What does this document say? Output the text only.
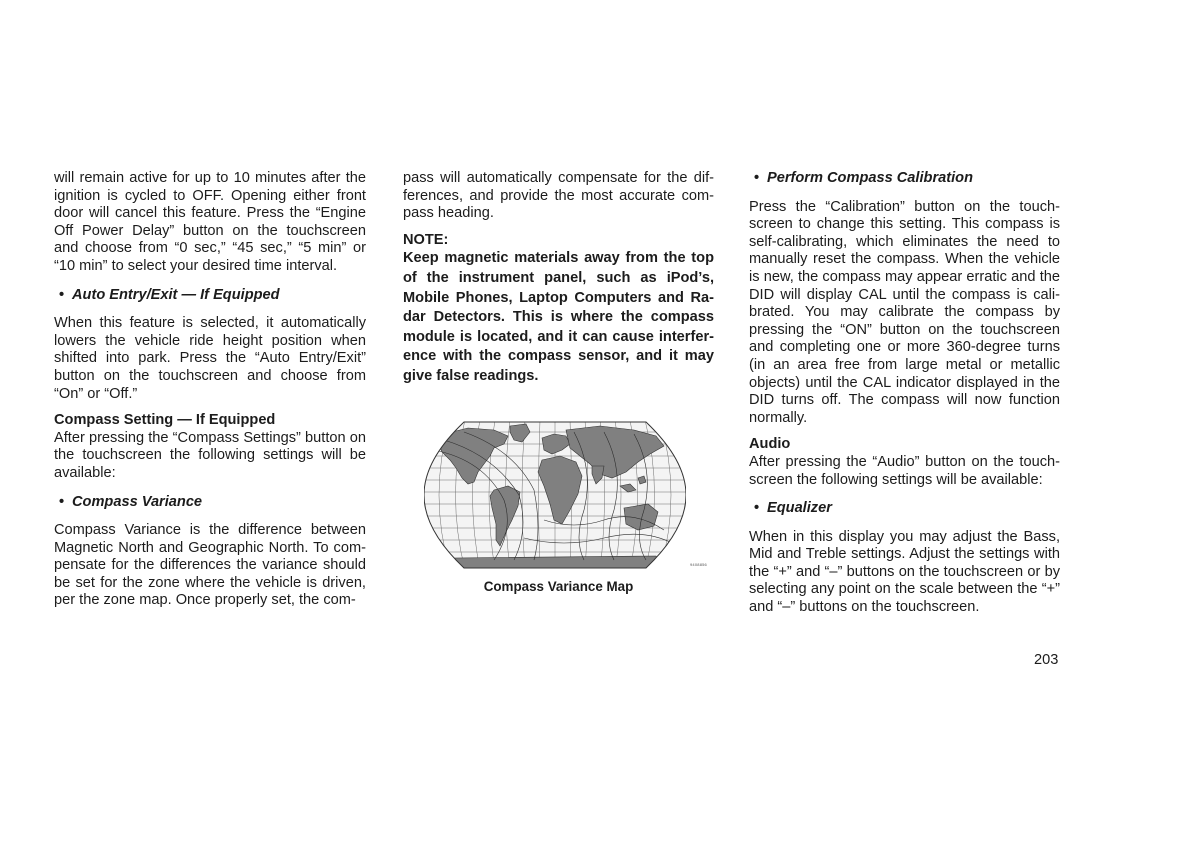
will remain active for up to 10 minutes after the ignition is cycled to OFF. Opening either front door will cancel this feature. Press the “Engine Off Power Delay” button on the touchscreen and choose from “0 sec,” “45 sec,” “5 min” or “10 min” to select your desired time interval.

• Auto Entry/Exit — If Equipped

When this feature is selected, it automatically lowers the vehicle ride height position when shifted into park. Press the “Auto Entry/Exit” button on the touchscreen and choose from “On” or “Off.”

Compass Setting — If Equipped

After pressing the “Compass Settings” button on the touchscreen the following settings will be available:

• Compass Variance

Compass Variance is the difference between Magnetic North and Geographic North. To com-pensate for the differences the variance should be set for the zone where the vehicle is driven, per the zone map. Once properly set, the com-

pass will automatically compensate for the dif-ferences, and provide the most accurate com-pass heading.

NOTE:

Keep magnetic materials away from the top of the instrument panel, such as iPod’s, Mobile Phones, Laptop Computers and Ra-dar Detectors. This is where the compass module is located, and it can cause interfer-ence with the compass sensor, and it may give false readings.

9408856
Compass Variance Map

• Perform Compass Calibration

Press the “Calibration” button on the touch-screen to change this setting. This compass is self-calibrating, which eliminates the need to manually reset the compass. When the vehicle is new, the compass may appear erratic and the DID will display CAL until the compass is cali-brated. You may calibrate the compass by pressing the “ON” button on the touchscreen and completing one or more 360-degree turns (in an area free from large metal or metallic objects) until the CAL indicator displayed in the DID turns off. The compass will now function normally.

Audio

After pressing the “Audio” button on the touch-screen the following settings will be available:

• Equalizer

When in this display you may adjust the Bass, Mid and Treble settings. Adjust the settings with the “+” and “–” buttons on the touchscreen or by selecting any point on the scale between the “+” and “–” buttons on the touchscreen.

203
